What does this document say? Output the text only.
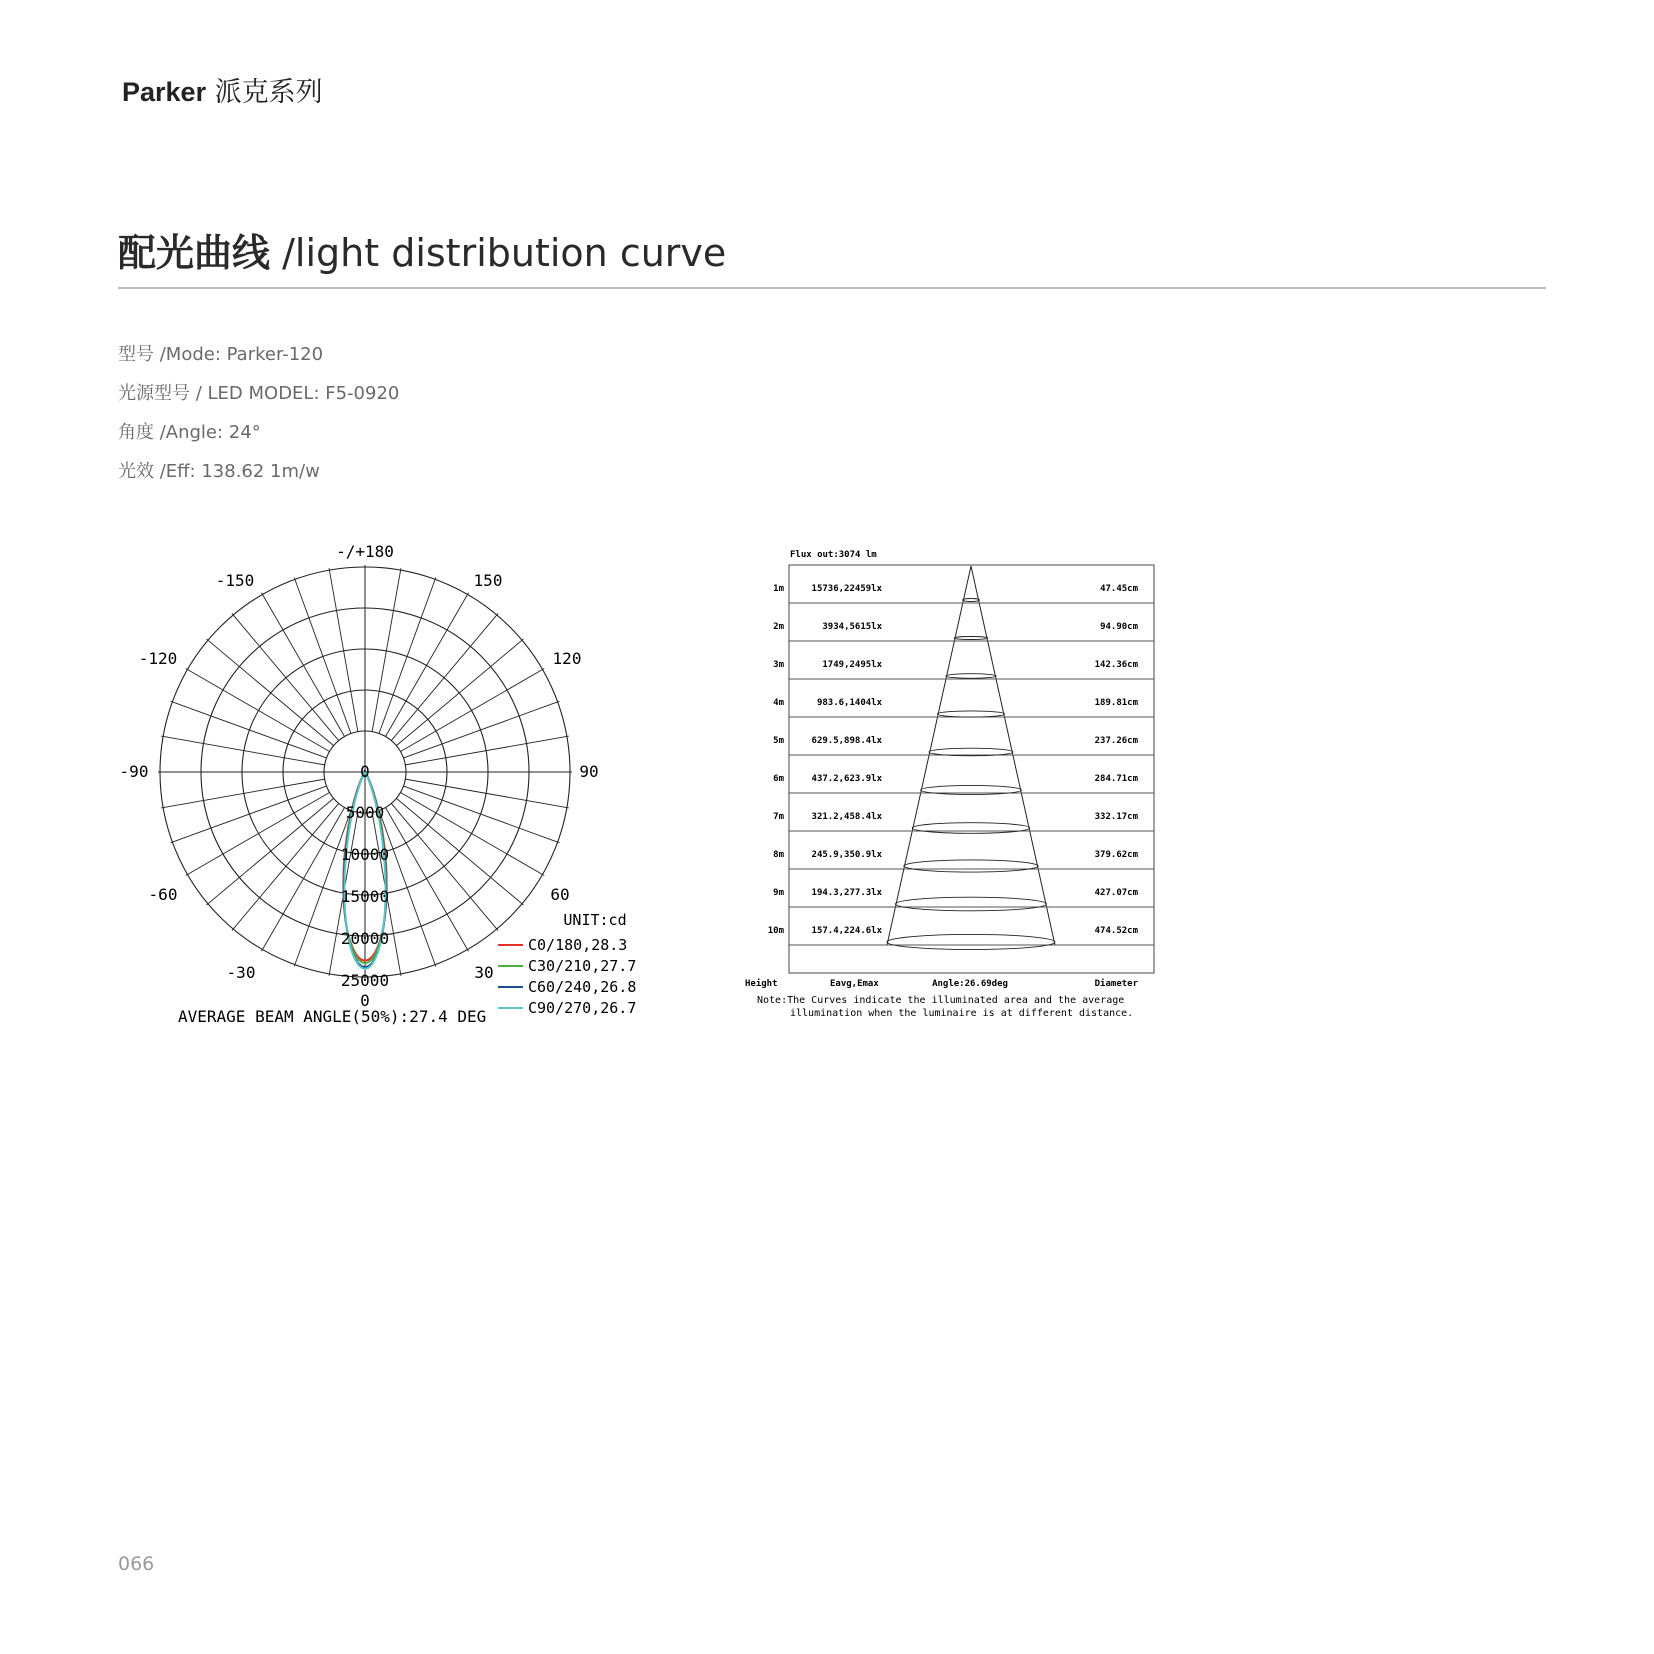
Parker 派克系列
配光曲线 /light distribution curve
型号 /Mode: Parker-120
光源型号 / LED MODEL: F5-0920
角度 /Angle: 24°
光效 /Eff: 138.62 1m/w
-/+180
150
120
90
60
30
0
-30
-60
-90
-120
-150
0
5000
10000
15000
20000
25000
UNIT:cd
C0/180,28.3
C30/210,27.7
C60/240,26.8
C90/270,26.7
AVERAGE BEAM ANGLE(50%):27.4 DEG
Flux out:3074 lm
1m	15736,22459lx	47.45cm
2m	3934,5615lx	94.90cm
3m	1749,2495lx	142.36cm
4m	983.6,1404lx	189.81cm
5m	629.5,898.4lx	237.26cm
6m	437.2,623.9lx	284.71cm
7m	321.2,458.4lx	332.17cm
8m	245.9,350.9lx	379.62cm
9m	194.3,277.3lx	427.07cm
10m	157.4,224.6lx	474.52cm
Height	Eavg,Emax	Angle:26.69deg	Diameter
Note:The Curves indicate the illuminated area and the average
illumination when the luminaire is at different distance.
066
